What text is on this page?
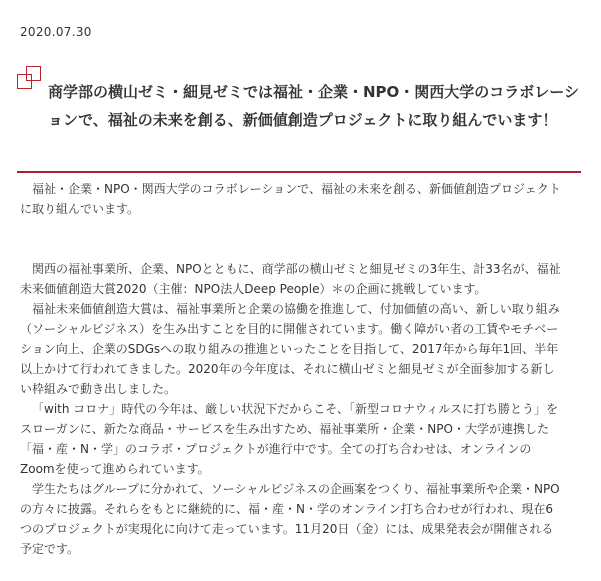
2020.07.30
商学部の横山ゼミ・細見ゼミでは福祉・企業・NPO・関西大学のコラボレーションで、福祉の未来を創る、新価値創造プロジェクトに取り組んでいます！

福祉・企業・NPO・関西大学のコラボレーションで、福祉の未来を創る、新価値創造プロジェクトに取り組んでいます。

関西の福祉事業所、企業、NPOとともに、商学部の横山ゼミと細見ゼミの3年生、計33名が、福祉未来価値創造大賞2020（主催：NPO法人Deep People）＊の企画に挑戦しています。

福祉未来価値創造大賞は、福祉事業所と企業の協働を推進して、付加価値の高い、新しい取り組み（ソーシャルビジネス）を生み出すことを目的に開催されています。働く障がい者の工賃やモチベーション向上、企業のSDGsへの取り組みの推進といったことを目指して、2017年から毎年1回、半年以上かけて行われてきました。2020年の今年度は、それに横山ゼミと細見ゼミが全面参加する新しい枠組みで動き出しました。

「with コロナ」時代の今年は、厳しい状況下だからこそ、「新型コロナウィルスに打ち勝とう」をスローガンに、新たな商品・サービスを生み出すため、福祉事業所・企業・NPO・大学が連携した「福・産・N・学」のコラボ・プロジェクトが進行中です。全ての打ち合わせは、オンラインのZoomを使って進められています。

学生たちはグループに分かれて、ソーシャルビジネスの企画案をつくり、福祉事業所や企業・NPOの方々に披露。それらをもとに継続的に、福・産・N・学のオンライン打ち合わせが行われ、現在6つのプロジェクトが実現化に向けて走っています。11月20日（金）には、成果発表会が開催される予定です。
